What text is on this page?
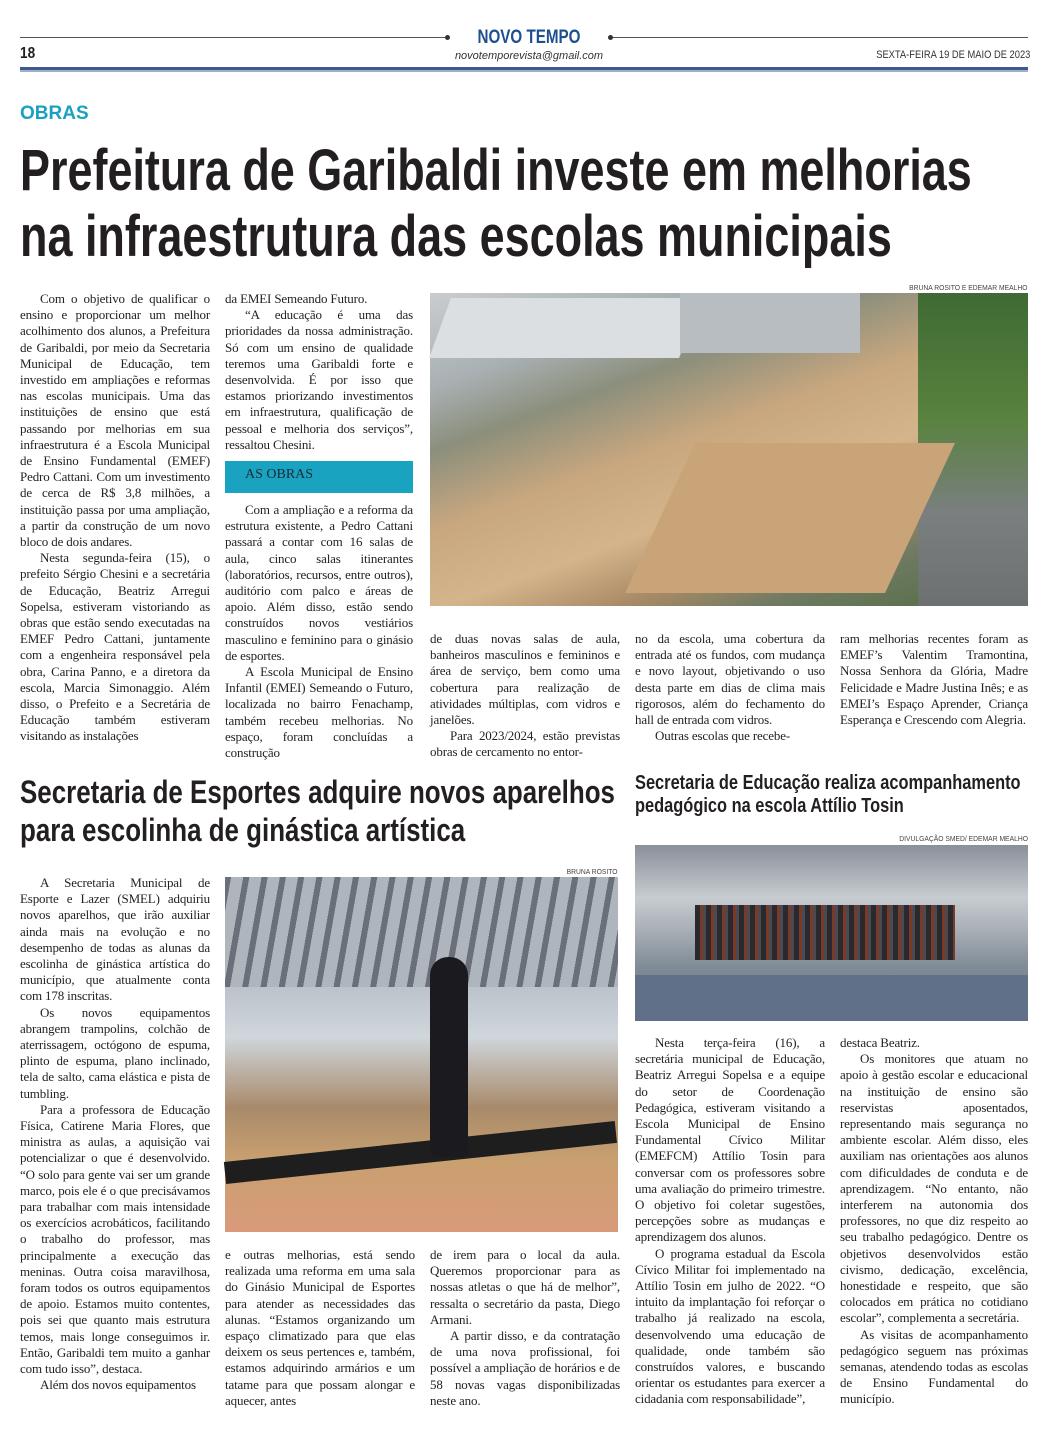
NOVO TEMPO
18	novotemporevista@gmail.com	SEXTA-FEIRA 19 DE MAIO DE 2023
OBRAS
Prefeitura de Garibaldi investe em melhorias
na infraestrutura das escolas municipais
BRUNA ROSITO E EDEMAR MEALHO

Com o objetivo de qualificar o ensino e proporcionar um melhor acolhimento dos alunos, a Prefeitura de Garibaldi, por meio da Secretaria Municipal de Educação, tem investido em ampliações e reformas nas escolas municipais. Uma das instituições de ensino que está passando por melhorias em sua infraestrutura é a Escola Municipal de Ensino Fundamental (EMEF) Pedro Cattani. Com um investimento de cerca de R$ 3,8 milhões, a instituição passa por uma ampliação, a partir da construção de um novo bloco de dois andares.

Nesta segunda-feira (15), o prefeito Sérgio Chesini e a secretária de Educação, Beatriz Arregui Sopelsa, estiveram vistoriando as obras que estão sendo executadas na EMEF Pedro Cattani, juntamente com a engenheira responsável pela obra, Carina Panno, e a diretora da escola, Marcia Simonaggio. Além disso, o Prefeito e a Secretária de Educação também estiveram visitando as instalações

da EMEI Semeando Futuro.

“A educação é uma das prioridades da nossa administração. Só com um ensino de qualidade teremos uma Garibaldi forte e desenvolvida. É por isso que estamos priorizando investimentos em infraestrutura, qualificação de pessoal e melhoria dos serviços”, ressaltou Chesini.

AS OBRAS

Com a ampliação e a reforma da estrutura existente, a Pedro Cattani passará a contar com 16 salas de aula, cinco salas itinerantes (laboratórios, recursos, entre outros), auditório com palco e áreas de apoio. Além disso, estão sendo construídos novos vestiários masculino e feminino para o ginásio de esportes.

A Escola Municipal de Ensino Infantil (EMEI) Semeando o Futuro, localizada no bairro Fenachamp, também recebeu melhorias. No espaço, foram concluídas a construção

de duas novas salas de aula, banheiros masculinos e femininos e área de serviço, bem como uma cobertura para realização de atividades múltiplas, com vidros e janelões.

Para 2023/2024, estão previstas obras de cercamento no entor-

no da escola, uma cobertura da entrada até os fundos, com mudança e novo layout, objetivando o uso desta parte em dias de clima mais rigorosos, além do fechamento do hall de entrada com vidros.

Outras escolas que recebe-

ram melhorias recentes foram as EMEF’s Valentim Tramontina, Nossa Senhora da Glória, Madre Felicidade e Madre Justina Inês; e as EMEI’s Espaço Aprender, Criança Esperança e Crescendo com Alegria.

Secretaria de Esportes adquire novos aparelhos
para escolinha de ginástica artística
BRUNA ROSITO

A Secretaria Municipal de Esporte e Lazer (SMEL) adquiriu novos aparelhos, que irão auxiliar ainda mais na evolução e no desempenho de todas as alunas da escolinha de ginástica artística do município, que atualmente conta com 178 inscritas.

Os novos equipamentos abrangem trampolins, colchão de aterrissagem, octógono de espuma, plinto de espuma, plano inclinado, tela de salto, cama elástica e pista de tumbling.

Para a professora de Educação Física, Catirene Maria Flores, que ministra as aulas, a aquisição vai potencializar o que é desenvolvido. “O solo para gente vai ser um grande marco, pois ele é o que precisávamos para trabalhar com mais intensidade os exercícios acrobáticos, facilitando o trabalho do professor, mas principalmente a execução das meninas. Outra coisa maravilhosa, foram todos os outros equipamentos de apoio. Estamos muito contentes, pois sei que quanto mais estrutura temos, mais longe conseguimos ir. Então, Garibaldi tem muito a ganhar com tudo isso”, destaca.

Além dos novos equipamentos

e outras melhorias, está sendo realizada uma reforma em uma sala do Ginásio Municipal de Esportes para atender as necessidades das alunas. “Estamos organizando um espaço climatizado para que elas deixem os seus pertences e, também, estamos adquirindo armários e um tatame para que possam alongar e aquecer, antes

de irem para o local da aula. Queremos proporcionar para as nossas atletas o que há de melhor”, ressalta o secretário da pasta, Diego Armani.

A partir disso, e da contratação de uma nova profissional, foi possível a ampliação de horários e de 58 novas vagas disponibilizadas neste ano.

Secretaria de Educação realiza acompanhamento
pedagógico na escola Attílio Tosin
DIVULGAÇÃO SMED/ EDEMAR MEALHO

Nesta terça-feira (16), a secretária municipal de Educação, Beatriz Arregui Sopelsa e a equipe do setor de Coordenação Pedagógica, estiveram visitando a Escola Municipal de Ensino Fundamental Cívico Militar (EMEFCM) Attílio Tosin para conversar com os professores sobre uma avaliação do primeiro trimestre. O objetivo foi coletar sugestões, percepções sobre as mudanças e aprendizagem dos alunos.

O programa estadual da Escola Cívico Militar foi implementado na Attílio Tosin em julho de 2022. “O intuito da implantação foi reforçar o trabalho já realizado na escola, desenvolvendo uma educação de qualidade, onde também são construídos valores, e buscando orientar os estudantes para exercer a cidadania com responsabilidade”,

destaca Beatriz.

Os monitores que atuam no apoio à gestão escolar e educacional na instituição de ensino são reservistas aposentados, representando mais segurança no ambiente escolar. Além disso, eles auxiliam nas orientações aos alunos com dificuldades de conduta e de aprendizagem. “No entanto, não interferem na autonomia dos professores, no que diz respeito ao seu trabalho pedagógico. Dentre os objetivos desenvolvidos estão civismo, dedicação, excelência, honestidade e respeito, que são colocados em prática no cotidiano escolar”, complementa a secretária.

As visitas de acompanhamento pedagógico seguem nas próximas semanas, atendendo todas as escolas de Ensino Fundamental do município.
